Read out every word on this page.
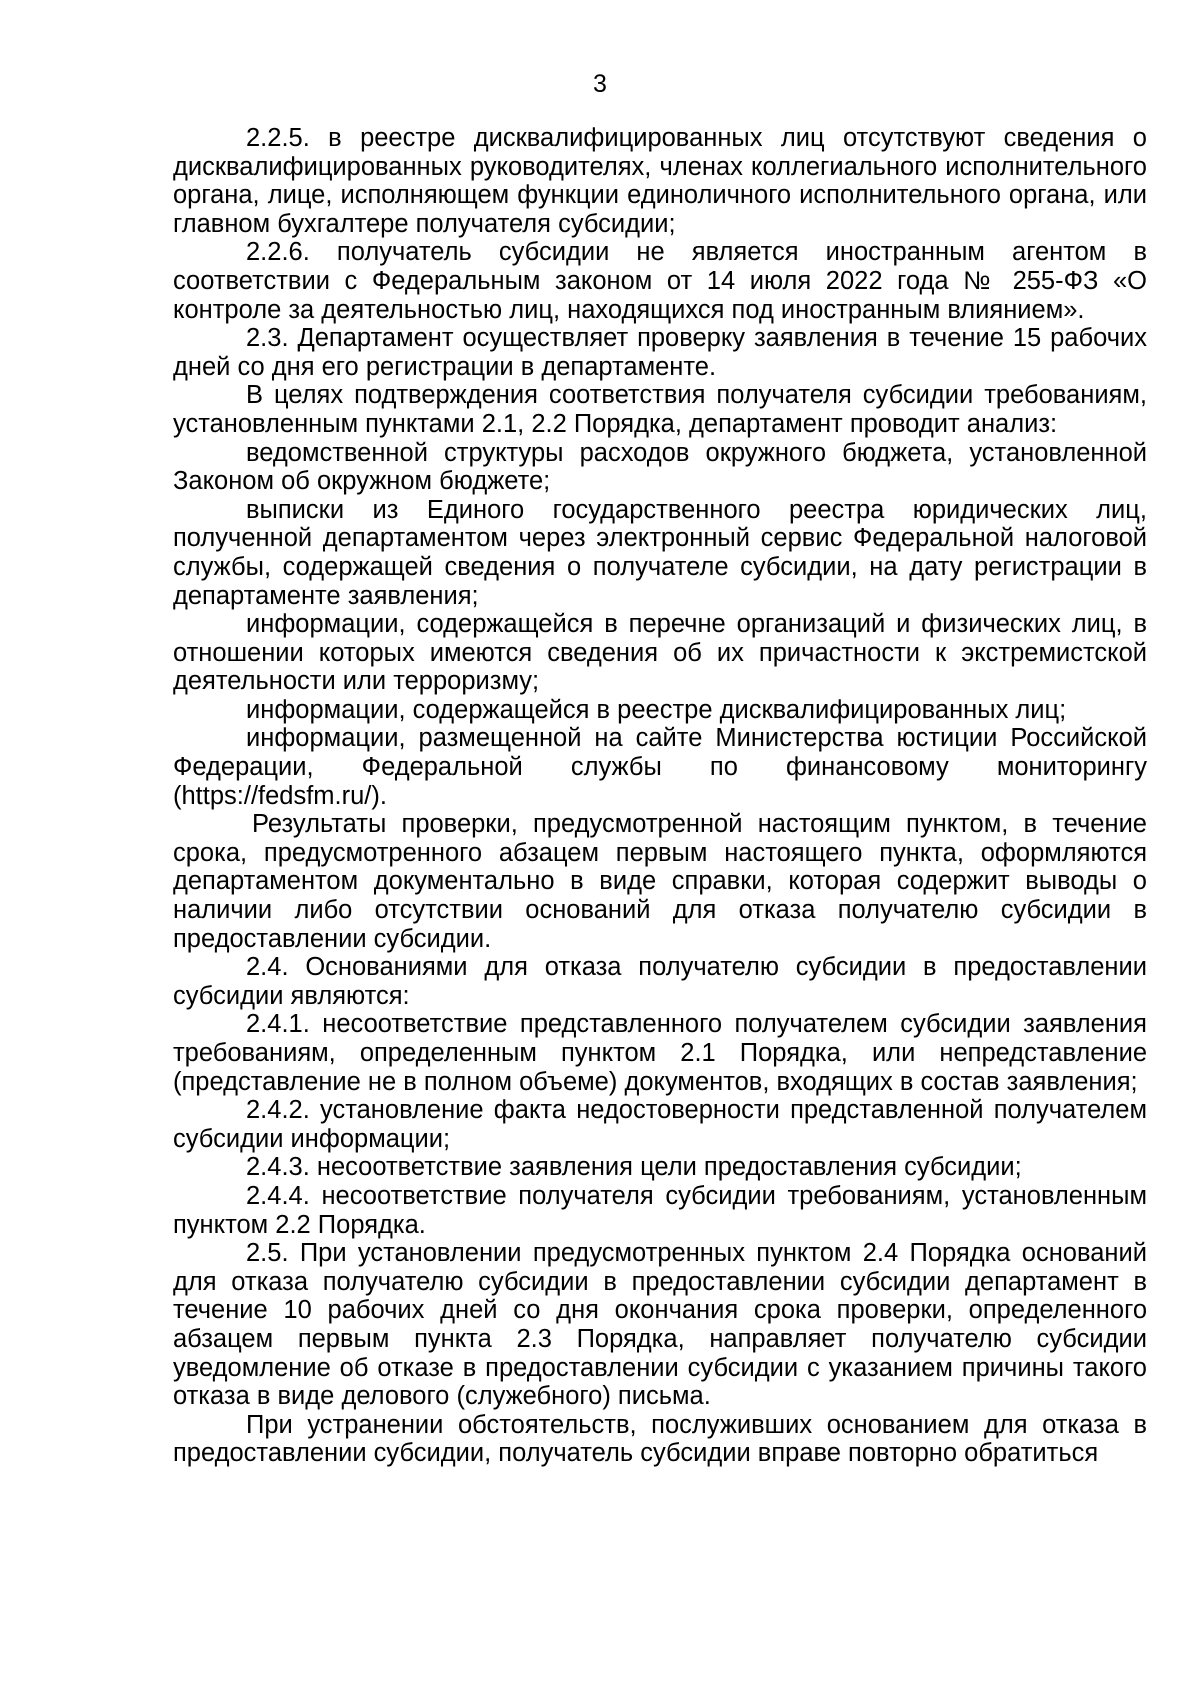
3

2.2.5. в реестре дисквалифицированных лиц отсутствуют сведения о дисквалифицированных руководителях, членах коллегиального исполнительного органа, лице, исполняющем функции единоличного исполнительного органа, или главном бухгалтере получателя субсидии;

2.2.6. получатель субсидии не является иностранным агентом в соответствии с Федеральным законом от 14 июля 2022 года № 255-ФЗ «О контроле за деятельностью лиц, находящихся под иностранным влиянием».

2.3. Департамент осуществляет проверку заявления в течение 15 рабочих дней со дня его регистрации в департаменте.

В целях подтверждения соответствия получателя субсидии требованиям, установленным пунктами 2.1, 2.2 Порядка, департамент проводит анализ:

ведомственной структуры расходов окружного бюджета, установленной Законом об окружном бюджете;

выписки из Единого государственного реестра юридических лиц, полученной департаментом через электронный сервис Федеральной налоговой службы, содержащей сведения о получателе субсидии, на дату регистрации в департаменте заявления;

информации, содержащейся в перечне организаций и физических лиц, в отношении которых имеются сведения об их причастности к экстремистской деятельности или терроризму;

информации, содержащейся в реестре дисквалифицированных лиц;

информации, размещенной на сайте Министерства юстиции Российской Федерации, Федеральной службы по финансовому мониторингу (https://fedsfm.ru/).

Результаты проверки, предусмотренной настоящим пунктом, в течение срока, предусмотренного абзацем первым настоящего пункта, оформляются департаментом документально в виде справки, которая содержит выводы о наличии либо отсутствии оснований для отказа получателю субсидии в предоставлении субсидии.

2.4. Основаниями для отказа получателю субсидии в предоставлении субсидии являются:

2.4.1. несоответствие представленного получателем субсидии заявления требованиям, определенным пунктом 2.1 Порядка, или непредставление (представление не в полном объеме) документов, входящих в состав заявления;

2.4.2. установление факта недостоверности представленной получателем субсидии информации;

2.4.3. несоответствие заявления цели предоставления субсидии;

2.4.4. несоответствие получателя субсидии требованиям, установленным пунктом 2.2 Порядка.

2.5. При установлении предусмотренных пунктом 2.4 Порядка оснований для отказа получателю субсидии в предоставлении субсидии департамент в течение 10 рабочих дней со дня окончания срока проверки, определенного абзацем первым пункта 2.3 Порядка, направляет получателю субсидии уведомление об отказе в предоставлении субсидии с указанием причины такого отказа в виде делового (служебного) письма.

При устранении обстоятельств, послуживших основанием для отказа в предоставлении субсидии, получатель субсидии вправе повторно обратиться
